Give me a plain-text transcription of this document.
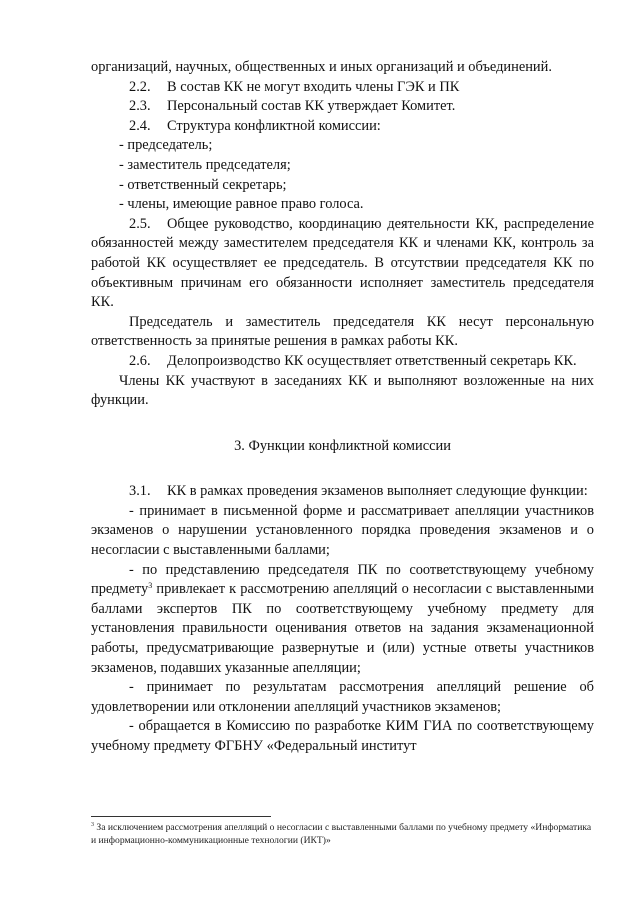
организаций, научных, общественных и иных организаций и объединений.

2.2. В состав КК не могут входить члены ГЭК и ПК

2.3. Персональный состав КК утверждает Комитет.

2.4. Структура конфликтной комиссии:

- председатель;

- заместитель председателя;

- ответственный секретарь;

- члены, имеющие равное право голоса.

2.5. Общее руководство, координацию деятельности КК, распределение обязанностей между заместителем председателя КК и членами КК, контроль за работой КК осуществляет ее председатель. В отсутствии председателя КК по объективным причинам его обязанности исполняет заместитель председателя КК.

Председатель и заместитель председателя КК несут персональную ответственность за принятые решения в рамках работы КК.

2.6. Делопроизводство КК осуществляет ответственный секретарь КК.

Члены КК участвуют в заседаниях КК и выполняют возложенные на них функции.

3. Функции конфликтной комиссии

3.1. КК в рамках проведения экзаменов выполняет следующие функции:

- принимает в письменной форме и рассматривает апелляции участников экзаменов о нарушении установленного порядка проведения экзаменов и о несогласии с выставленными баллами;

- по представлению председателя ПК по соответствующему учебному предмету$^3$ привлекает к рассмотрению апелляций о несогласии с выставленными баллами экспертов ПК по соответствующему учебному предмету для установления правильности оценивания ответов на задания экзаменационной работы, предусматривающие развернутые и (или) устные ответы участников экзаменов, подавших указанные апелляции;

- принимает по результатам рассмотрения апелляций решение об удовлетворении или отклонении апелляций участников экзаменов;

- обращается в Комиссию по разработке КИМ ГИА по соответствующему учебному предмету ФГБНУ «Федеральный институт

$^3$ За исключением рассмотрения апелляций о несогласии с выставленными баллами по учебному предмету «Информатика и информационно-коммуникационные технологии (ИКТ)»
